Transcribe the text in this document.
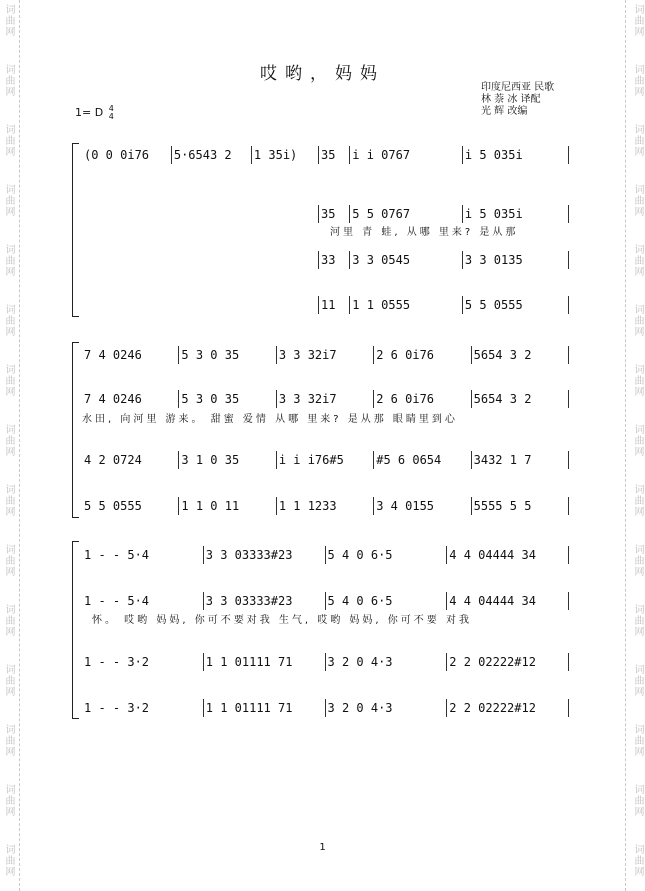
词曲网
词曲网
词曲网
词曲网
词曲网
词曲网
词曲网
词曲网
词曲网
词曲网
词曲网
词曲网
词曲网
词曲网
词曲网
词曲网
词曲网
词曲网
词曲网
词曲网
词曲网
词曲网
词曲网
词曲网
词曲网
词曲网
词曲网
词曲网
词曲网
词曲网
哎哟，妈妈
印度尼西亚 民歌
林 萘 冰 译配
光 辉 改编
1= D 4
4
(0 0 0i76	5·6543 2	1 35i)	35	i i 0767	i 5 035i
35	5 5 0767	i 5 035i
河里 青 蛙, 从哪 里来? 是从那
33	3 3 0545	3 3 0135
11	1 1 0555	5 5 0555
7 4 0246	5 3 0 35	3 3 32i7	2 6 0i76	5654 3 2
7 4 0246	5 3 0 35	3 3 32i7	2 6 0i76	5654 3 2
水田, 向河里 游来。 甜蜜 爱情 从哪 里来? 是从那 眼睛里到心
4 2 0724	3 1 0 35	i i i76#5	#5 6 0654	3432 1 7
5 5 0555	1 1 0 11	1 1 1233	3 4 0155	5555 5 5
1 - - 5·4	3 3 03333#23	5 4 0 6·5	4 4 04444 34
1 - - 5·4	3 3 03333#23	5 4 0 6·5	4 4 04444 34
怀。 哎哟 妈妈, 你可不要对我 生气, 哎哟 妈妈, 你可不要 对我
1 - - 3·2	1 1 01111 71	3 2 0 4·3	2 2 02222#12
1 - - 3·2	1 1 01111 71	3 2 0 4·3	2 2 02222#12
1
